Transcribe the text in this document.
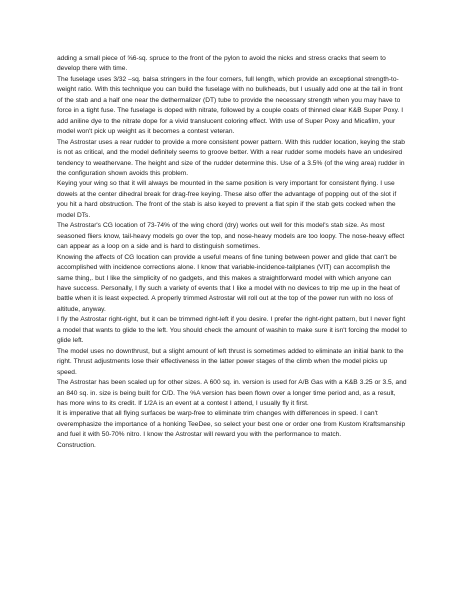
adding a small piece of ⅝6-sq. spruce to the front of the pylon to avoid the nicks and stress cracks that seem to develop there with time.

The fuselage uses 3/32 –sq. balsa stringers in the four corners, full length, which provide an exceptional strength-to-weight ratio. With this technique you can build the fuselage with no bulkheads, but I usually add one at the tail in front of the stab and a half one near the dethermalizer (DT) tube to provide the necessary strength when you may have to force in a tight fuse. The fuselage is doped with nitrate, followed by a couple coats of thinned clear K&B Super Poxy. I add aniline dye to the nitrate dope for a vivid translucent coloring effect. With use of Super Poxy and Micafilm, your model won't pick up weight as it becomes a contest veteran.

The Astrostar uses a rear rudder to provide a more consistent power pattern. With this rudder location, keying the stab is not as critical, and the model definitely seems to groove better. With a rear rudder some models have an undesired tendency to weathervane. The height and size of the rudder determine this. Use of a 3.5% (of the wing area) rudder in the configuration shown avoids this problem.

Keying your wing so that it will always be mounted in the same position is very important for consistent flying. I use dowels at the center dihedral break for drag-free keying. These also offer the advantage of popping out of the slot if you hit a hard obstruction. The front of the stab is also keyed to prevent a flat spin if the stab gets cocked when the model DTs.

The Astrostar's CG location of 73-74% of the wing chord (dry) works out well for this model's stab size. As most seasoned fliers know, tail-heavy models go over the top, and nose-heavy models are too loopy. The nose-heavy effect can appear as a loop on a side and is hard to distinguish sometimes.

Knowing the affects of CG location can provide a useful means of fine tuning between power and glide that can't be accomplished with incidence corrections alone. I know that variable-incidence-tailplanes (VIT) can accomplish the same thing,. but I like the simplicity of no gadgets, and this makes a straightforward model with which anyone can have success. Personally, I fly such a variety of events that I like a model with no devices to trip me up in the heat of battle when it is least expected. A properly trimmed Astrostar will roll out at the top of the power run with no loss of altitude, anyway.

I fly the Astrostar right-right, but it can be trimmed right-left if you desire. I prefer the right-right pattern, but I never fight a model that wants to glide to the left. You should check the amount of washin to make sure it isn't forcing the model to glide left.

The model uses no downthrust, but a slight amount of left thrust is sometimes added to eliminate an initial bank to the right. Thrust adjustments lose their effectiveness in the latter power stages of the climb when the model picks up speed.

The Astrostar has been scaled up for other sizes. A 600 sq. in. version is used for A/B Gas with a K&B 3.25 or 3.5, and an 840 sq. in. size is being built for C/D. The %A version has been flown over a longer time period and, as a result, has more wins to its credit. If 1/2A is an event at a contest I attend, I usually fly it first.

It is imperative that all flying surfaces be warp-free to eliminate trim changes with differences in speed. I can't overemphasize the importance of a honking TeeDee, so select your best one or order one from Kustom Kraftsmanship and fuel it with 50-70% nitro. I know the Astrostar will reward you with the performance to match.

Construction.
